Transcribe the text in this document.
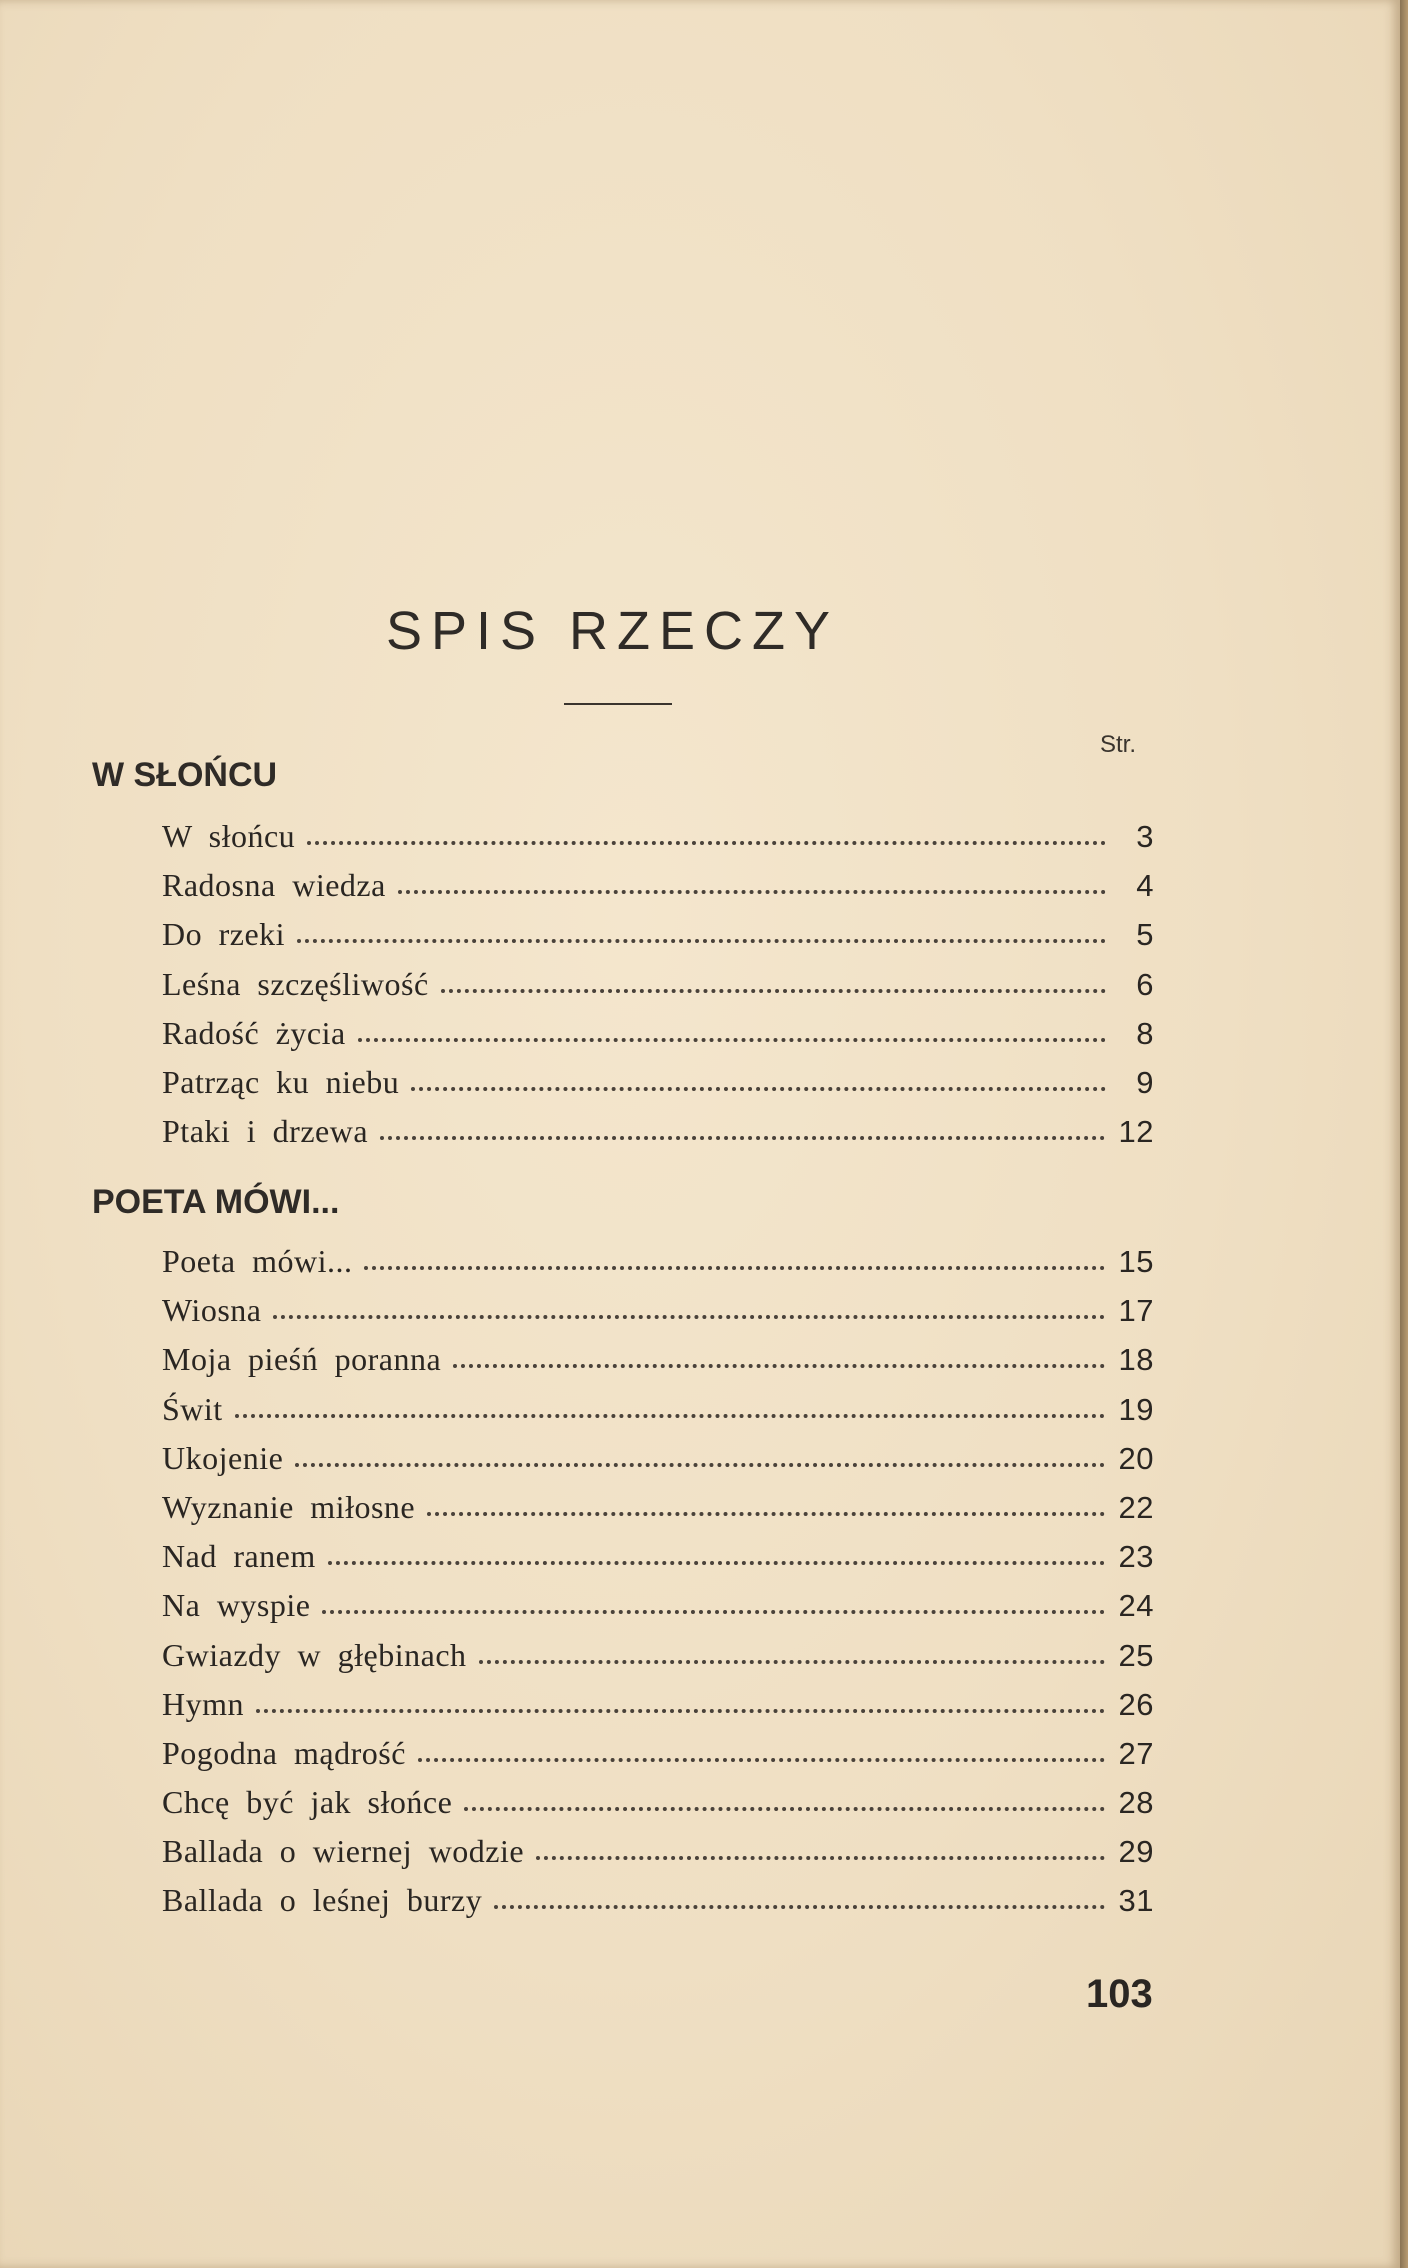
SPIS RZECZY
Str.
W SŁOŃCU
W słońcu	3
Radosna wiedza	4
Do rzeki	5
Leśna szczęśliwość	6
Radość życia	8
Patrząc ku niebu	9
Ptaki i drzewa	12
POETA MÓWI...
Poeta mówi...	15
Wiosna	17
Moja pieśń poranna	18
Świt	19
Ukojenie	20
Wyznanie miłosne	22
Nad ranem	23
Na wyspie	24
Gwiazdy w głębinach	25
Hymn	26
Pogodna mądrość	27
Chcę być jak słońce	28
Ballada o wiernej wodzie	29
Ballada o leśnej burzy	31
103
